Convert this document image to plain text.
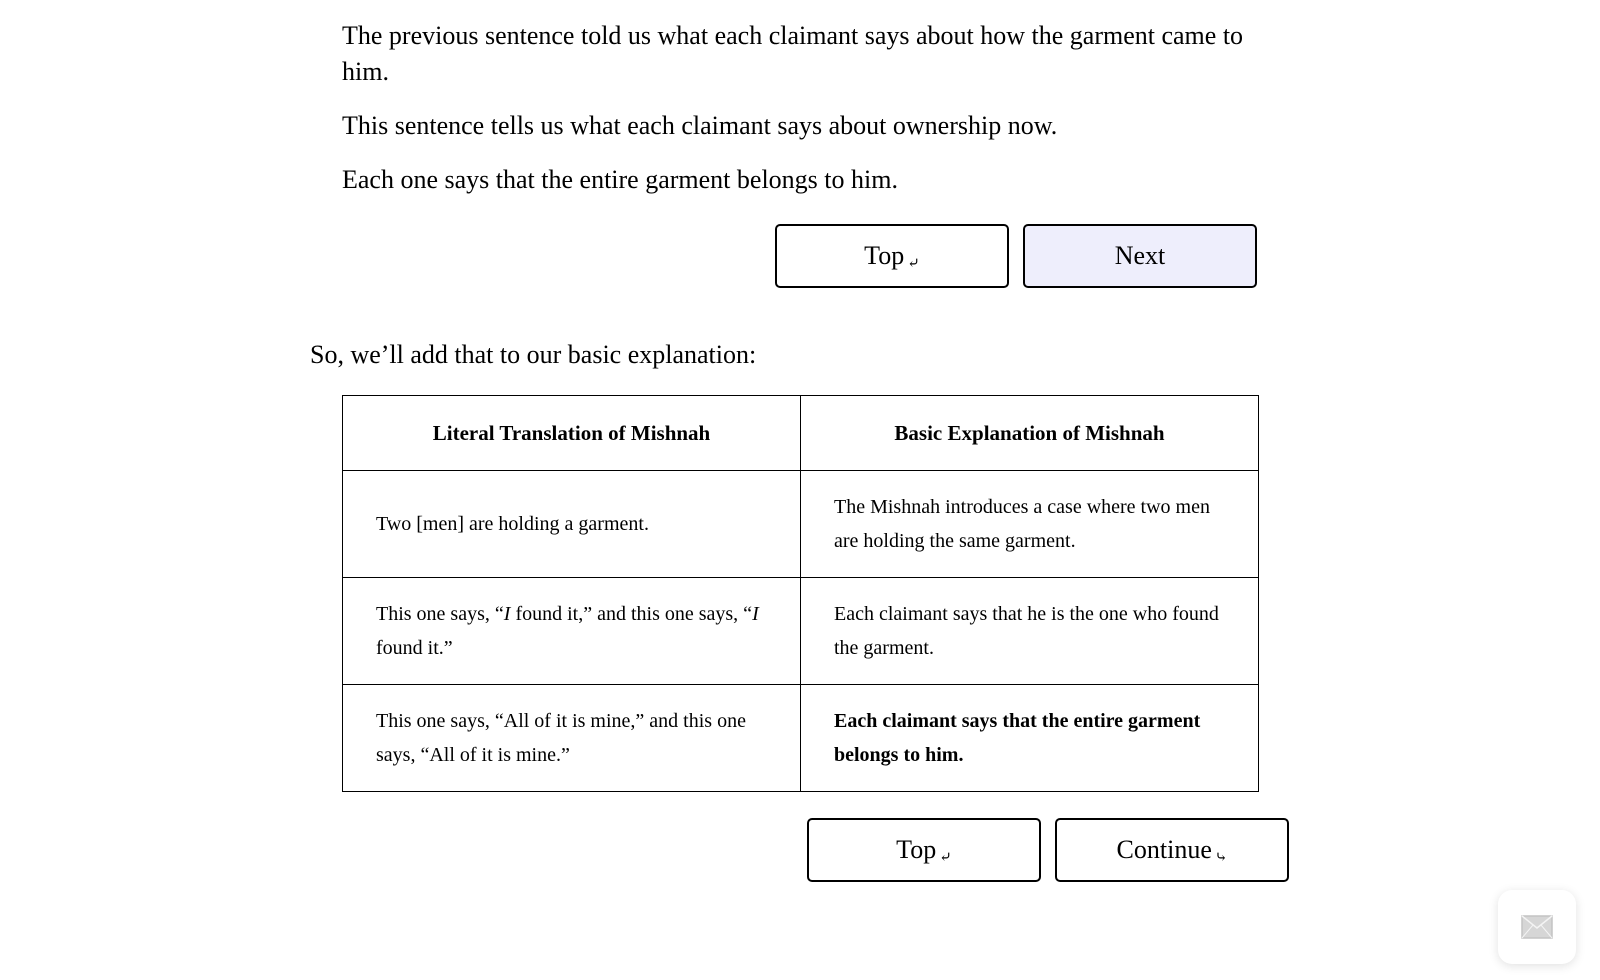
The previous sentence told us what each claimant says about how the garment came to him.

This sentence tells us what each claimant says about ownership now.

Each one says that the entire garment belongs to him.

Top ⤶	Next

So, we’ll add that to our basic explanation:

Literal Translation of Mishnah	Basic Explanation of Mishnah
Two [men] are holding a garment.	The Mishnah introduces a case where two men are holding the same garment.
This one says, “I found it,” and this one says, “I found it.”	Each claimant says that he is the one who found the garment.
This one says, “All of it is mine,” and this one says, “All of it is mine.”	Each claimant says that the entire garment belongs to him.
Top ⤶	Continue ⤷
